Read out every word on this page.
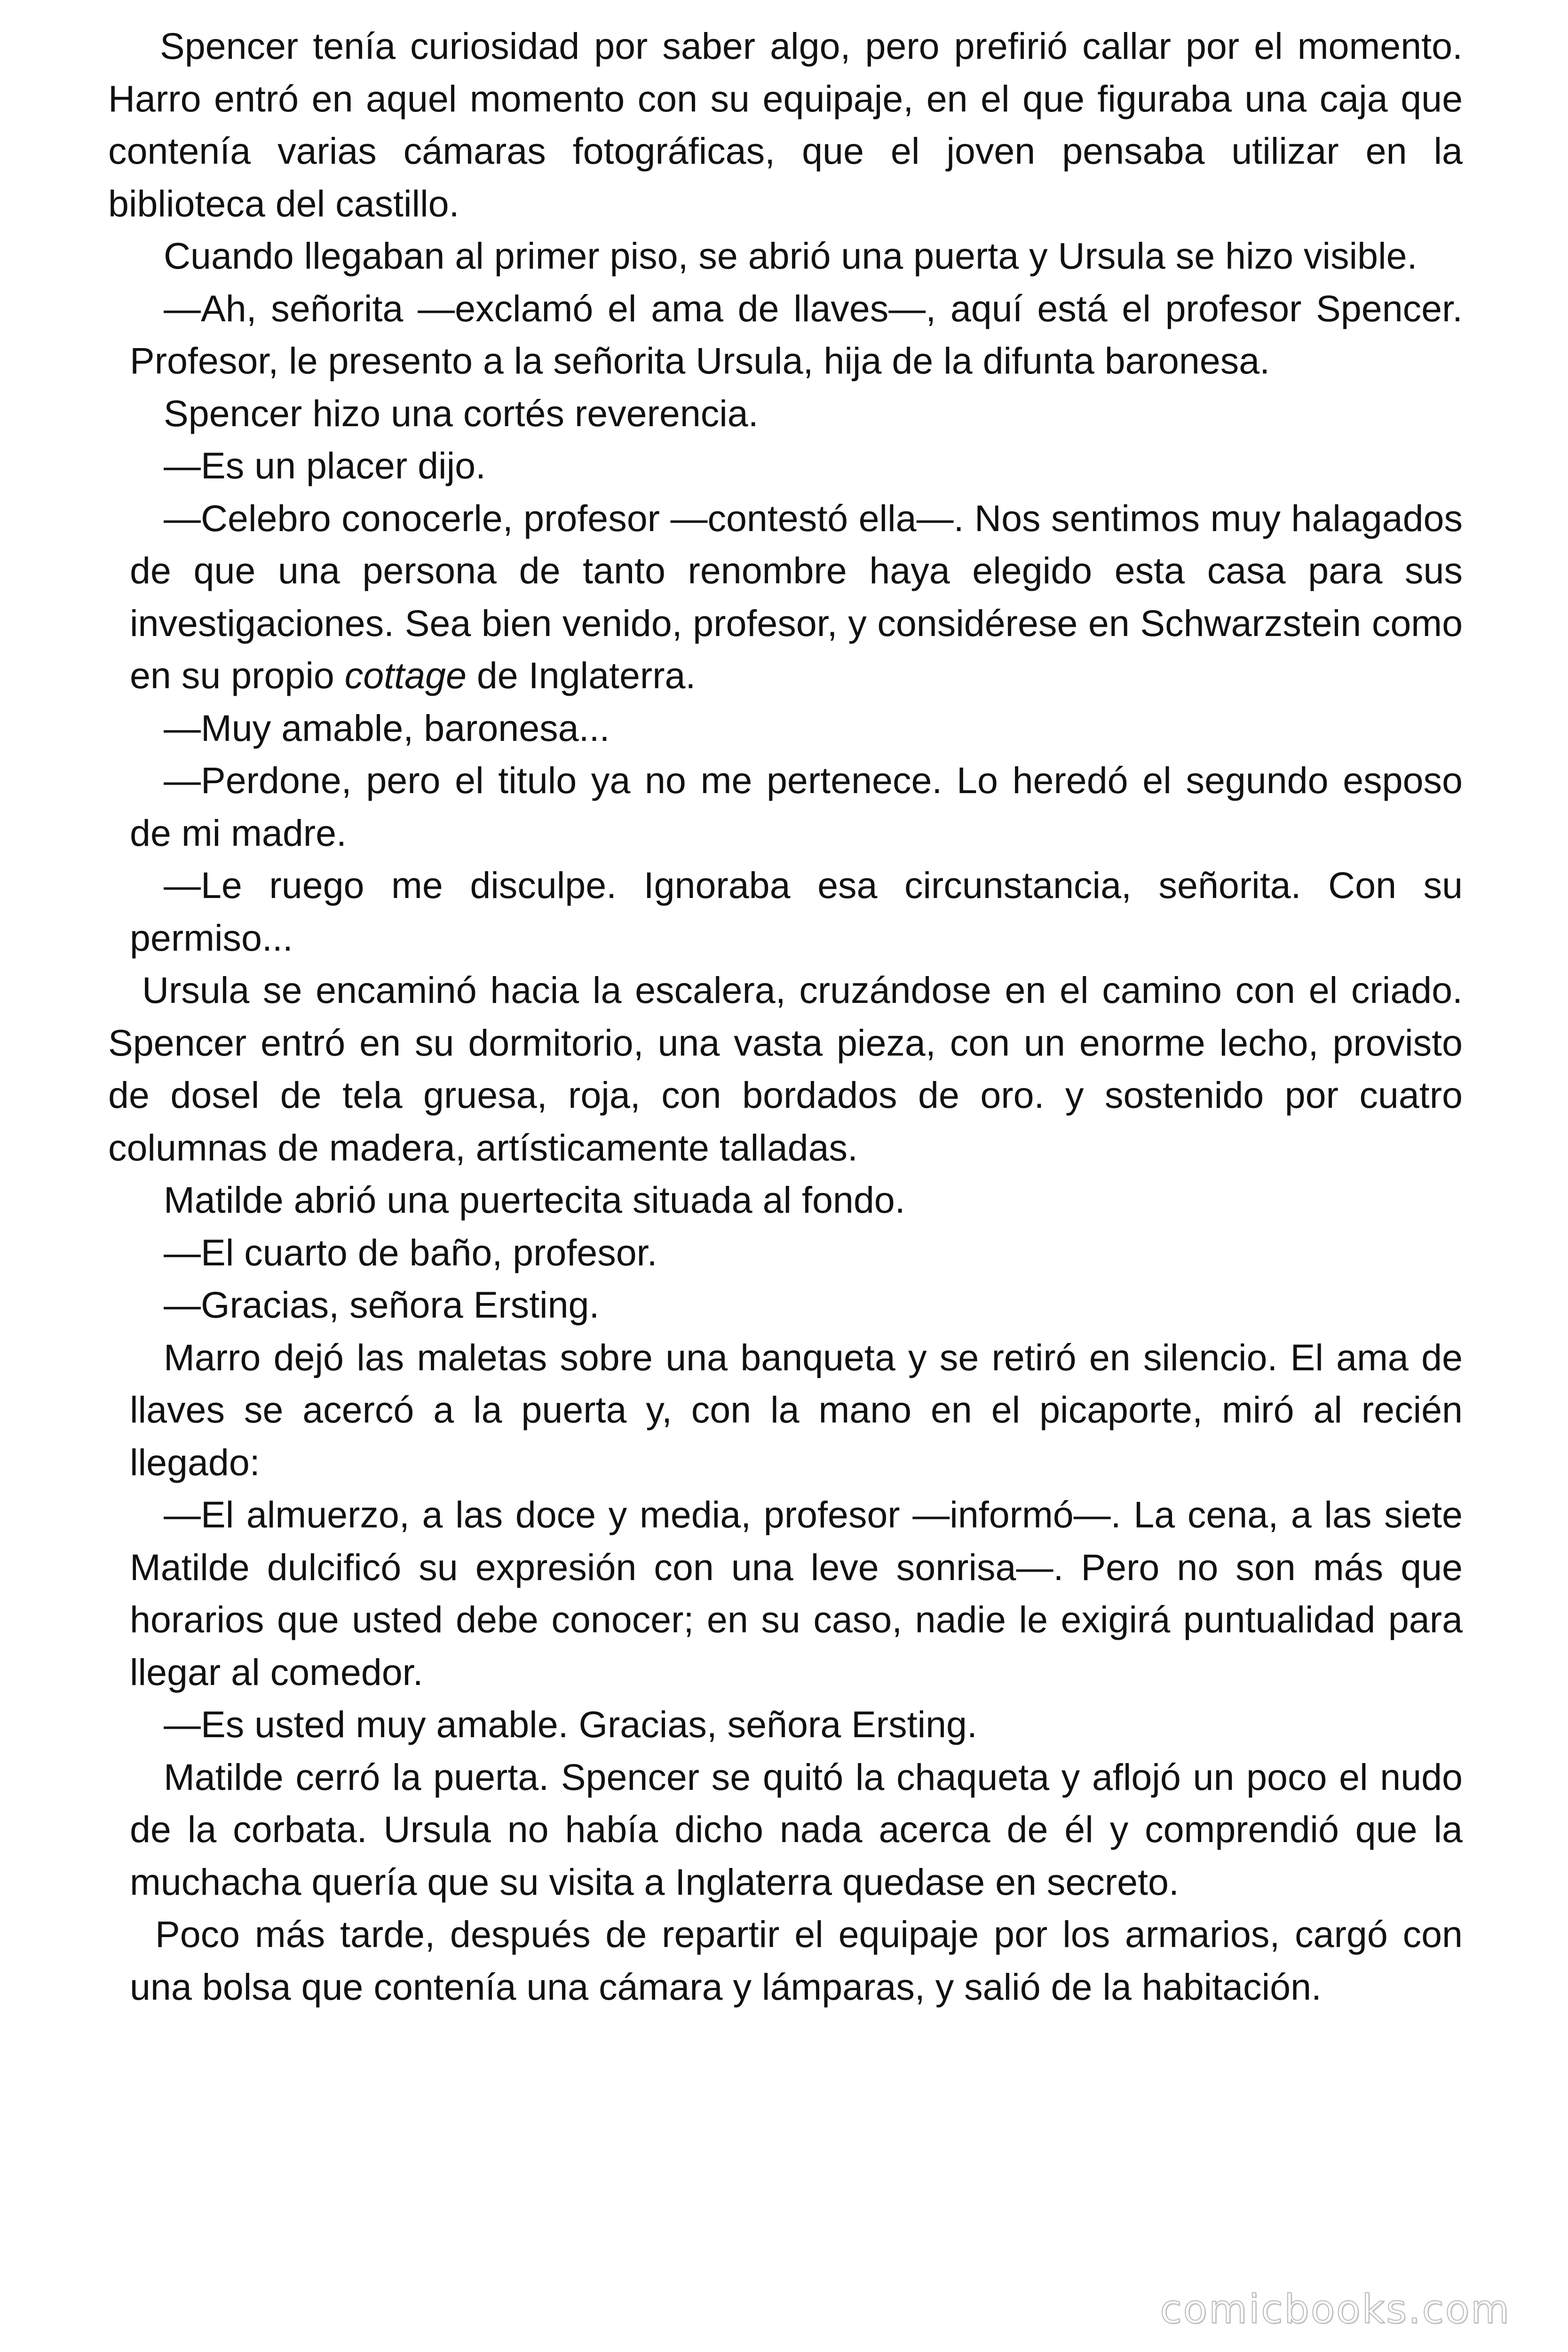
Spencer tenía curiosidad por saber algo, pero prefirió callar por el momento. Harro entró en aquel momento con su equipaje, en el que figuraba una caja que contenía varias cámaras fotográficas, que el joven pensaba utilizar en la biblioteca del castillo.

Cuando llegaban al primer piso, se abrió una puerta y Ursula se hizo visible.

—Ah, señorita —exclamó el ama de llaves—, aquí está el profesor Spencer. Profesor, le presento a la señorita Ursula, hija de la difunta baronesa.

Spencer hizo una cortés reverencia.

—Es un placer dijo.

—Celebro conocerle, profesor —contestó ella—. Nos sentimos muy halagados de que una persona de tanto renombre haya elegido esta casa para sus investigaciones. Sea bien venido, profesor, y considérese en Schwarzstein como en su propio cottage de Inglaterra.

—Muy amable, baronesa...

—Perdone, pero el titulo ya no me pertenece. Lo heredó el segundo esposo de mi madre.

—Le ruego me disculpe. Ignoraba esa circunstancia, señorita. Con su permiso...

Ursula se encaminó hacia la escalera, cruzándose en el camino con el criado. Spencer entró en su dormitorio, una vasta pieza, con un enorme lecho, provisto de dosel de tela gruesa, roja, con bordados de oro. y sostenido por cuatro columnas de madera, artísticamente talladas.

Matilde abrió una puertecita situada al fondo.

—El cuarto de baño, profesor.

—Gracias, señora Ersting.

Marro dejó las maletas sobre una banqueta y se retiró en silencio. El ama de llaves se acercó a la puerta y, con la mano en el picaporte, miró al recién llegado:

—El almuerzo, a las doce y media, profesor —informó—. La cena, a las siete Matilde dulcificó su expresión con una leve sonrisa—. Pero no son más que horarios que usted debe conocer; en su caso, nadie le exigirá puntualidad para llegar al comedor.

—Es usted muy amable. Gracias, señora Ersting.

Matilde cerró la puerta. Spencer se quitó la chaqueta y aflojó un poco el nudo de la corbata. Ursula no había dicho nada acerca de él y comprendió que la muchacha quería que su visita a Inglaterra quedase en secreto.

Poco más tarde, después de repartir el equipaje por los armarios, cargó con una bolsa que contenía una cámara y lámparas, y salió de la habitación.

comicbooks.com
